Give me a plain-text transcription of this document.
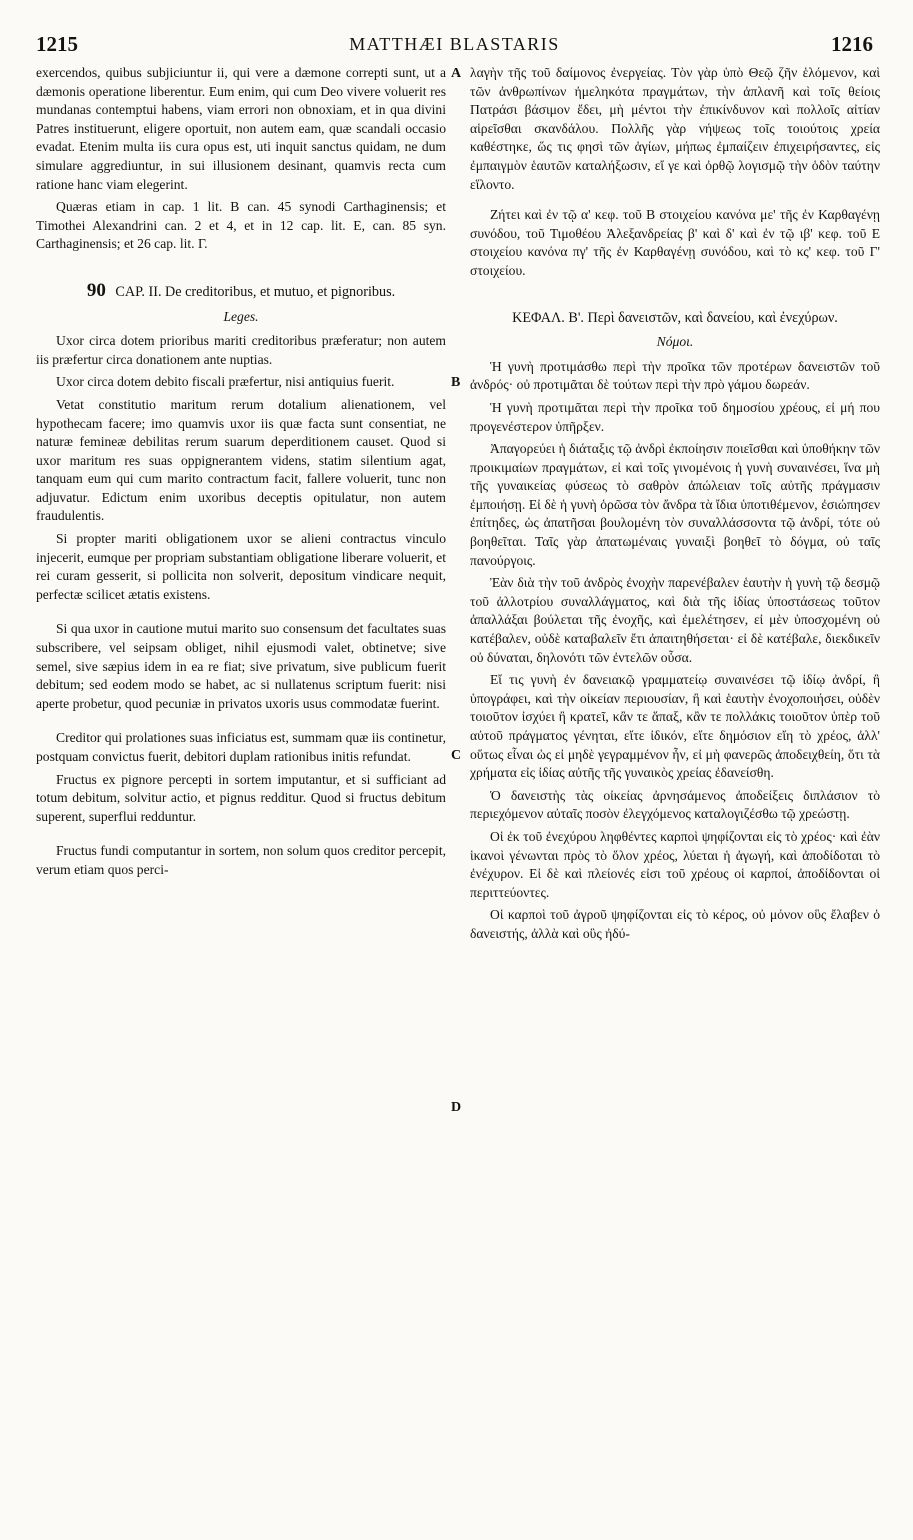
1215	MATTHÆI BLASTARIS	1216
A
B
C
D

exercendos, quibus subjiciuntur ii, qui vere a dæmone correpti sunt, ut a dæmonis operatione liberentur. Eum enim, qui cum Deo vivere voluerit res mundanas contemptui habens, viam errori non obnoxiam, et in qua divini Patres instituerunt, eligere oportuit, non autem eam, quæ scandali occasio evadat. Etenim multa iis cura opus est, uti inquit sanctus quidam, ne dum simulare aggrediuntur, in sui illusionem desinant, quamvis recta cum ratione hanc viam elegerint.

Quæras etiam in cap. 1 lit. B can. 45 synodi Carthaginensis; et Timothei Alexandrini can. 2 et 4, et in 12 cap. lit. E, can. 85 syn. Carthaginensis; et 26 cap. lit. Γ.

90 CAP. II. De creditoribus, et mutuo, et pignoribus.
Leges.

Uxor circa dotem prioribus mariti creditoribus præferatur; non autem iis præfertur circa donationem ante nuptias.

Uxor circa dotem debito fiscali præfertur, nisi antiquius fuerit.

Vetat constitutio maritum rerum dotalium alienationem, vel hypothecam facere; imo quamvis uxor iis quæ facta sunt consentiat, ne naturæ femineæ debilitas rerum suarum deperditionem causet. Quod si uxor maritum res suas oppignerantem videns, statim silentium agat, tanquam eum qui cum marito contractum facit, fallere voluerit, tunc non adjuvatur. Edictum enim uxoribus deceptis opitulatur, non autem fraudulentis.

Si propter mariti obligationem uxor se alieni contractus vinculo injecerit, eumque per propriam substantiam obligatione liberare voluerit, et rei curam gesserit, si pollicita non solverit, depositum vindicare nequit, perfectæ scilicet ætatis existens.

Si qua uxor in cautione mutui marito suo consensum det facultates suas subscribere, vel seipsam obliget, nihil ejusmodi valet, obtinetve; sive semel, sive sæpius idem in ea re fiat; sive privatum, sive publicum fuerit debitum; sed eodem modo se habet, ac si nullatenus scriptum fuerit: nisi aperte probetur, quod pecuniæ in privatos uxoris usus commodatæ fuerint.

Creditor qui prolationes suas inficiatus est, summam quæ iis continetur, postquam convictus fuerit, debitori duplam rationibus initis refundat.

Fructus ex pignore percepti in sortem imputantur, et si sufficiant ad totum debitum, solvitur actio, et pignus redditur. Quod si fructus debitum superent, superflui redduntur.

Fructus fundi computantur in sortem, non solum quos creditor percepit, verum etiam quos perci-

λαγὴν τῆς τοῦ δαίμονος ἐνεργείας. Τὸν γὰρ ὑπὸ Θεῷ ζῆν ἑλόμενον, καὶ τῶν ἀνθρωπίνων ἠμεληκότα πραγμάτων, τὴν ἀπλανῆ καὶ τοῖς θείοις Πατράσι βάσιμον ἔδει, μὴ μέντοι τὴν ἐπικίνδυνον καὶ πολλοῖς αἰτίαν αἱρεῖσθαι σκανδάλου. Πολλῆς γὰρ νήψεως τοῖς τοιούτοις χρεία καθέστηκε, ὥς τις φησὶ τῶν ἁγίων, μήπως ἐμπαίζειν ἐπιχειρήσαντες, εἰς ἐμπαιγμὸν ἑαυτῶν καταλήξωσιν, εἴ γε καὶ ὀρθῷ λογισμῷ τὴν ὁδὸν ταύτην εἵλοντο.

Ζήτει καὶ ἐν τῷ α' κεφ. τοῦ Β στοιχείου κανόνα με' τῆς ἐν Καρθαγένῃ συνόδου, τοῦ Τιμοθέου Ἀλεξανδρείας β' καὶ δ' καὶ ἐν τῷ ιβ' κεφ. τοῦ Ε στοιχείου κανόνα πγ' τῆς ἐν Καρθαγένῃ συνόδου, καὶ τὸ κς' κεφ. τοῦ Γ' στοιχείου.

ΚΕΦΑΛ. Β'. Περὶ δανειστῶν, καὶ δανείου, καὶ ἐνεχύρων.
Νόμοι.

Ἡ γυνὴ προτιμάσθω περὶ τὴν προῖκα τῶν προτέρων δανειστῶν τοῦ ἀνδρός· οὐ προτιμᾶται δὲ τούτων περὶ τὴν πρὸ γάμου δωρεάν.

Ἡ γυνὴ προτιμᾶται περὶ τὴν προῖκα τοῦ δημοσίου χρέους, εἰ μή που προγενέστερον ὑπῆρξεν.

Ἀπαγορεύει ἡ διάταξις τῷ ἀνδρὶ ἐκποίησιν ποιεῖσθαι καὶ ὑποθήκην τῶν προικιμαίων πραγμάτων, εἰ καὶ τοῖς γινομένοις ἡ γυνὴ συναινέσει, ἵνα μὴ τῆς γυναικείας φύσεως τὸ σαθρὸν ἀπώλειαν τοῖς αὐτῆς πράγμασιν ἐμποιήσῃ. Εἰ δὲ ἡ γυνὴ ὁρῶσα τὸν ἄνδρα τὰ ἴδια ὑποτιθέμενον, ἐσιώπησεν ἐπίτηδες, ὡς ἀπατῆσαι βουλομένη τὸν συναλλάσσοντα τῷ ἀνδρί, τότε οὐ βοηθεῖται. Ταῖς γὰρ ἀπατωμέναις γυναιξὶ βοηθεῖ τὸ δόγμα, οὐ ταῖς πανούργοις.

Ἐὰν διὰ τὴν τοῦ ἀνδρὸς ἐνοχὴν παρενέβαλεν ἑαυτὴν ἡ γυνὴ τῷ δεσμῷ τοῦ ἀλλοτρίου συναλλάγματος, καὶ διὰ τῆς ἰδίας ὑποστάσεως τοῦτον ἀπαλλάξαι βούλεται τῆς ἐνοχῆς, καὶ ἐμελέτησεν, εἰ μὲν ὑποσχομένη οὐ κατέβαλεν, οὐδὲ καταβαλεῖν ἔτι ἀπαιτηθήσεται· εἰ δὲ κατέβαλε, διεκδικεῖν οὐ δύναται, δηλονότι τῶν ἐντελῶν οὖσα.

Εἴ τις γυνὴ ἐν δανειακῷ γραμματείῳ συναινέσει τῷ ἰδίῳ ἀνδρί, ἢ ὑπογράφει, καὶ τὴν οἰκείαν περιουσίαν, ἢ καὶ ἑαυτὴν ἐνοχοποιήσει, οὐδὲν τοιοῦτον ἰσχύει ἢ κρατεῖ, κἂν τε ἅπαξ, κἂν τε πολλάκις τοιοῦτον ὑπὲρ τοῦ αὐτοῦ πράγματος γένηται, εἴτε ἰδικόν, εἴτε δημόσιον εἴη τὸ χρέος, ἀλλ' οὕτως εἶναι ὡς εἰ μηδὲ γεγραμμένον ἦν, εἰ μὴ φανερῶς ἀποδειχθείη, ὅτι τὰ χρήματα εἰς ἰδίας αὐτῆς τῆς γυναικὸς χρείας ἐδανείσθη.

Ὁ δανειστὴς τὰς οἰκείας ἀρνησάμενος ἀποδείξεις διπλάσιον τὸ περιεχόμενον αὐταῖς ποσὸν ἐλεγχόμενος καταλογιζέσθω τῷ χρεώστῃ.

Οἱ ἐκ τοῦ ἐνεχύρου ληφθέντες καρποὶ ψηφίζονται εἰς τὸ χρέος· καὶ ἐὰν ἱκανοὶ γένωνται πρὸς τὸ ὅλον χρέος, λύεται ἡ ἀγωγή, καὶ ἀποδίδοται τὸ ἐνέχυρον. Εἰ δὲ καὶ πλείονές εἰσι τοῦ χρέους οἱ καρποί, ἀποδίδονται οἱ περιττεύοντες.

Οἱ καρποὶ τοῦ ἀγροῦ ψηφίζονται εἰς τὸ κέρος, οὐ μόνον οὓς ἔλαβεν ὁ δανειστής, ἀλλὰ καὶ οὓς ἠδύ-
